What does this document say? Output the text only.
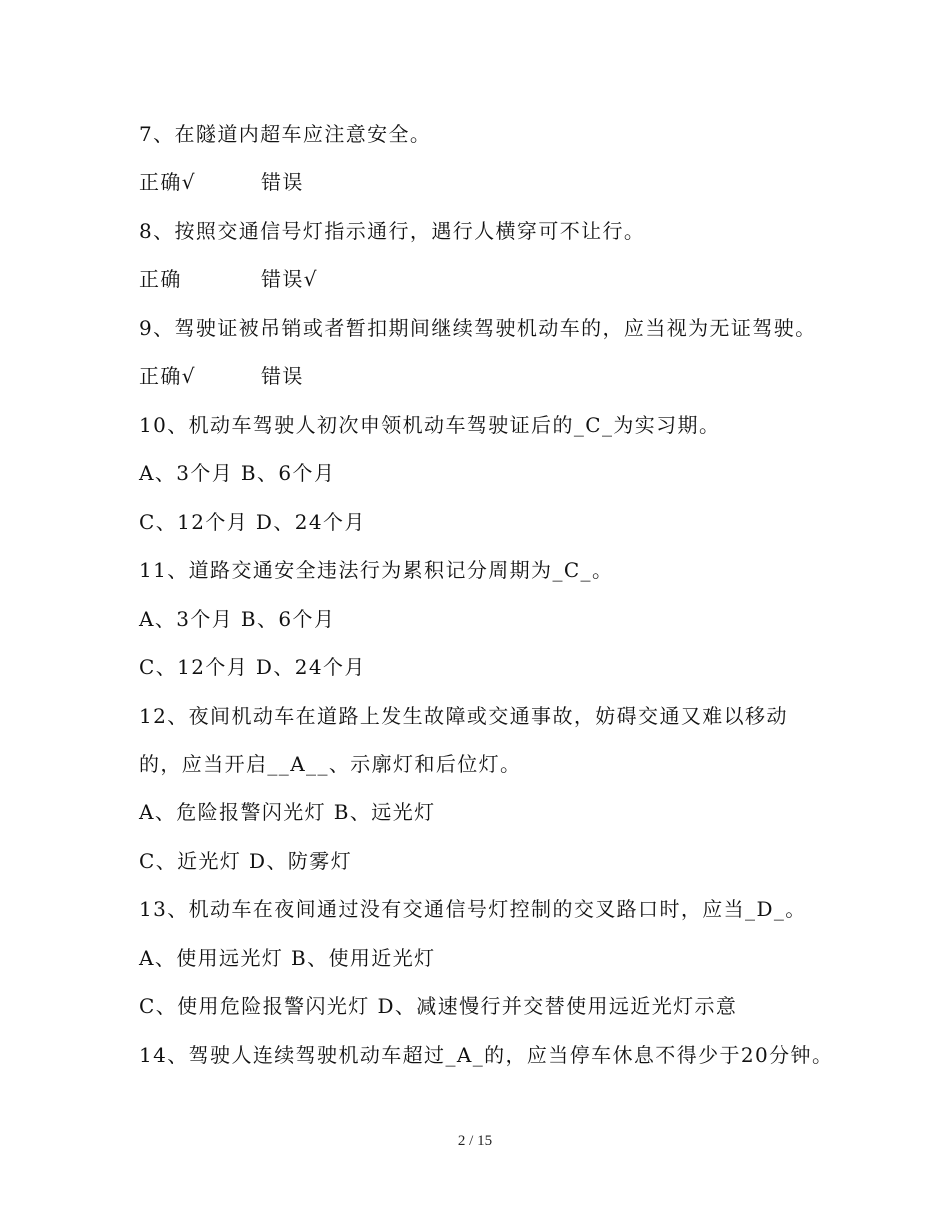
7、在隧道内超车应注意安全。
正确√	错误
8、按照交通信号灯指示通行，遇行人横穿可不让行。
正确	错误√
9、驾驶证被吊销或者暂扣期间继续驾驶机动车的，应当视为无证驾驶。
正确√	错误
10、机动车驾驶人初次申领机动车驾驶证后的_C_为实习期。
A、3个月 B、6个月
C、12个月 D、24个月
11、道路交通安全违法行为累积记分周期为_C_。
A、3个月 B、6个月
C、12个月 D、24个月
12、夜间机动车在道路上发生故障或交通事故，妨碍交通又难以移动
的，应当开启__A__、示廓灯和后位灯。
A、危险报警闪光灯 B、远光灯
C、近光灯 D、防雾灯
13、机动车在夜间通过没有交通信号灯控制的交叉路口时，应当_D_。
A、使用远光灯 B、使用近光灯
C、使用危险报警闪光灯 D、减速慢行并交替使用远近光灯示意
14、驾驶人连续驾驶机动车超过_A_的，应当停车休息不得少于20分钟。
2 / 15
